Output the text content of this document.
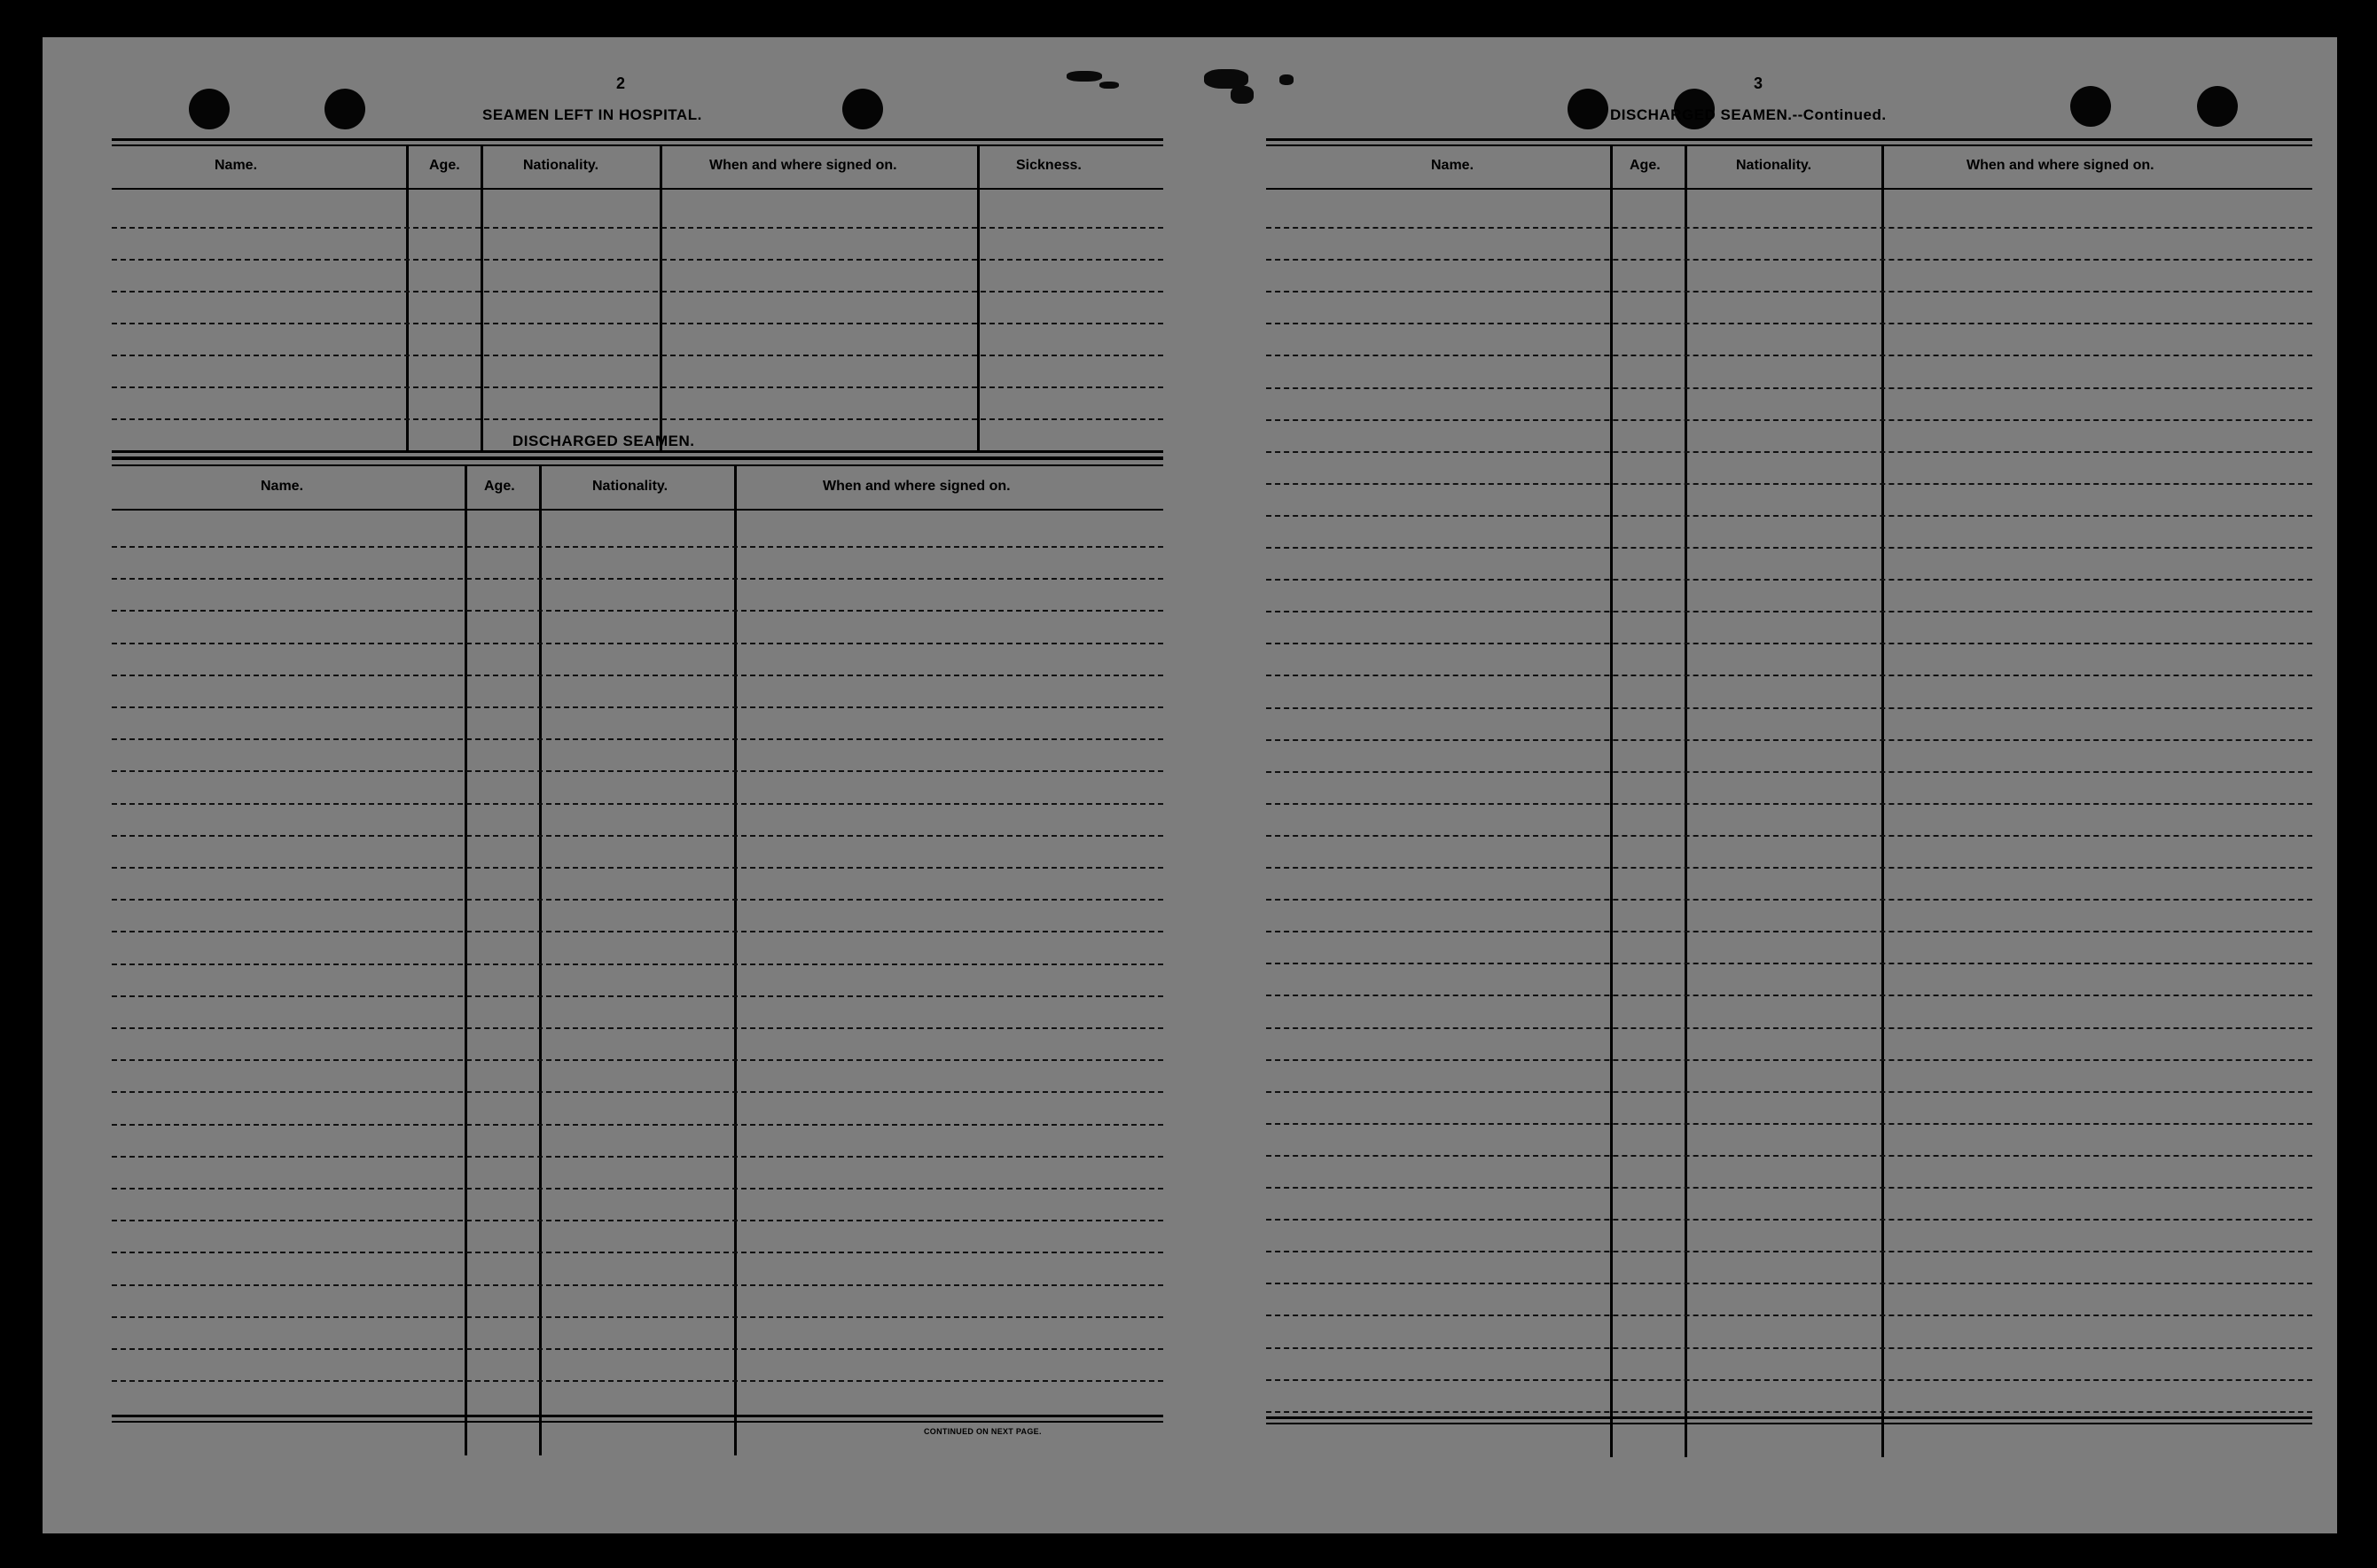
2
SEAMEN LEFT IN HOSPITAL.
Name.	Age.	Nationality.	When and where signed on.	Sickness.
DISCHARGED SEAMEN.
Name.	Age.	Nationality.	When and where signed on.
CONTINUED ON NEXT PAGE.
3
DISCHARGED SEAMEN.--Continued.
Name.	Age.	Nationality.	When and where signed on.
